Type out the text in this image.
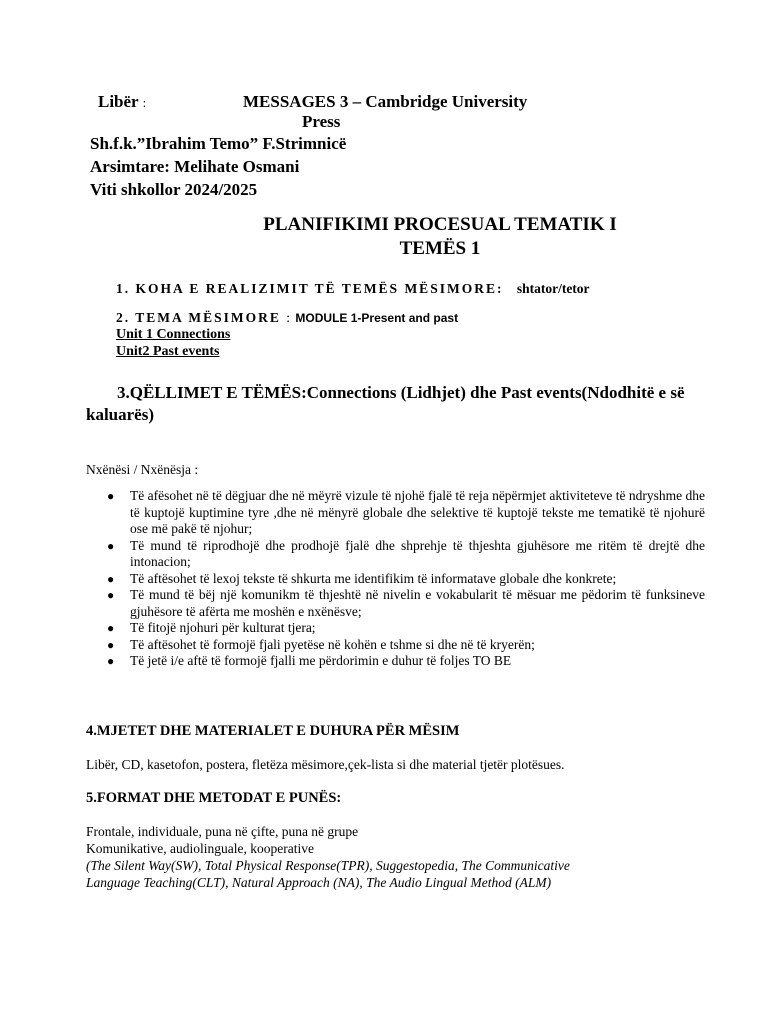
Libër :	MESSAGES 3 – Cambridge University
Press
Sh.f.k.”Ibrahim Temo” F.Strimnicë
Arsimtare: Melihate Osmani
Viti shkollor 2024/2025
PLANIFIKIMI PROCESUAL TEMATIK I
TEMËS 1
1. KOHA E REALIZIMIT TË TEMËS MËSIMORE: shtator/tetor
2. TEMA MËSIMORE : MODULE 1-Present and past
Unit 1 Connections
Unit2 Past events
3.QËLLIMET E TËMËS:Connections (Lidhjet) dhe Past events(Ndodhitë e së kaluarës)
Nxënësi / Nxënësja :
● Të afësohet në të dëgjuar dhe në mëyrë vizule të njohë fjalë të reja nëpërmjet aktiviteteve të ndryshme dhe të kuptojë kuptimine tyre ,dhe në mënyrë globale dhe selektive të kuptojë tekste me tematikë të njohurë ose më pakë të njohur;
● Të mund të riprodhojë dhe prodhojë fjalë dhe shprehje të thjeshta gjuhësore me ritëm të drejtë dhe intonacion;
● Të aftësohet të lexoj tekste të shkurta me identifikim të informatave globale dhe konkrete;
● Të mund të bëj një komunikm të thjeshtë në nivelin e vokabularit të mësuar me pëdorim të funksineve gjuhësore të afërta me moshën e nxënësve;
● Të fitojë njohuri për kulturat tjera;
● Të aftësohet të formojë fjali pyetëse në kohën e tshme si dhe në të kryerën;
● Të jetë i/e aftë të formojë fjalli me përdorimin e duhur të foljes TO BE
4.MJETET DHE MATERIALET E DUHURA PËR MËSIM
Libër, CD, kasetofon, postera, fletëza mësimore,çek-lista si dhe material tjetër plotësues.
5.FORMAT DHE METODAT E PUNËS:
Frontale, individuale, puna në çifte, puna në grupe
Komunikative, audiolinguale, kooperative
(The Silent Way(SW), Total Physical Response(TPR), Suggestopedia, The Communicative
Language Teaching(CLT), Natural Approach (NA), The Audio Lingual Method (ALM)
